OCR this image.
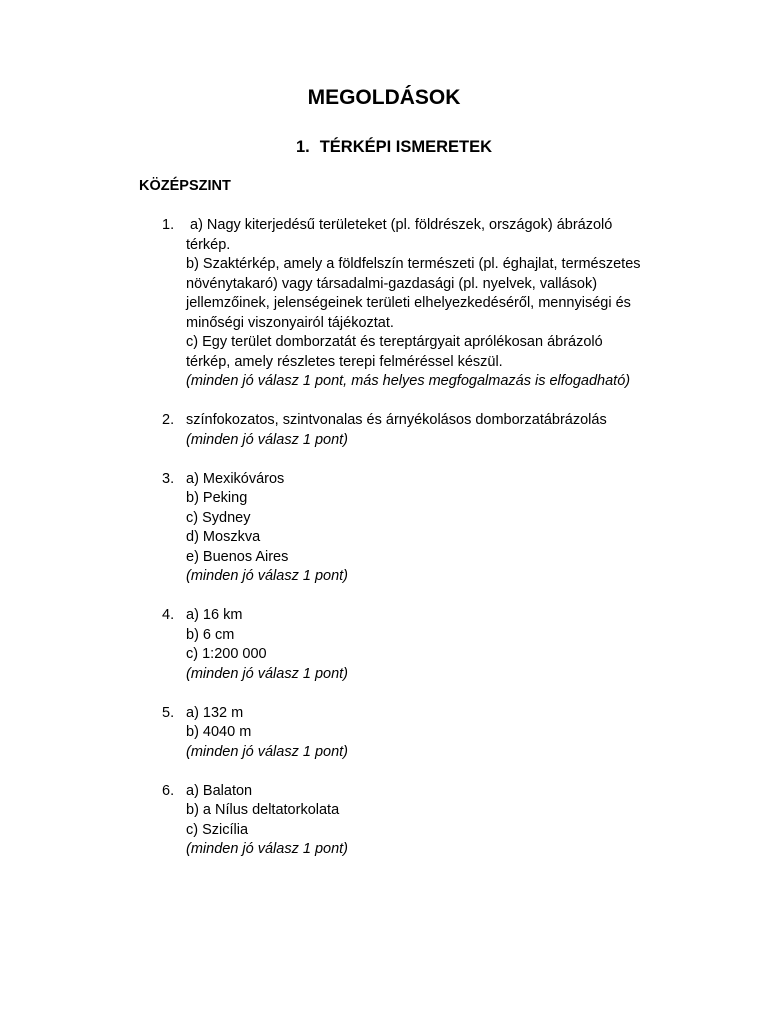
MEGOLDÁSOK
1. TÉRKÉPI ISMERETEK
KÖZÉPSZINT
1. a) Nagy kiterjedésű területeket (pl. földrészek, országok) ábrázoló
térkép.
b) Szaktérkép, amely a földfelszín természeti (pl. éghajlat, természetes
növénytakaró) vagy társadalmi-gazdasági (pl. nyelvek, vallások)
jellemzőinek, jelenségeinek területi elhelyezkedéséről, mennyiségi és
minőségi viszonyairól tájékoztat.
c) Egy terület domborzatát és tereptárgyait aprólékosan ábrázoló
térkép, amely részletes terepi felméréssel készül.
(minden jó válasz 1 pont, más helyes megfogalmazás is elfogadható)
2. színfokozatos, szintvonalas és árnyékolásos domborzatábrázolás
(minden jó válasz 1 pont)
3. a) Mexikóváros
b) Peking
c) Sydney
d) Moszkva
e) Buenos Aires
(minden jó válasz 1 pont)
4. a) 16 km
b) 6 cm
c) 1:200 000
(minden jó válasz 1 pont)
5. a) 132 m
b) 4040 m
(minden jó válasz 1 pont)
6. a) Balaton
b) a Nílus deltatorkolata
c) Szicília
(minden jó válasz 1 pont)
